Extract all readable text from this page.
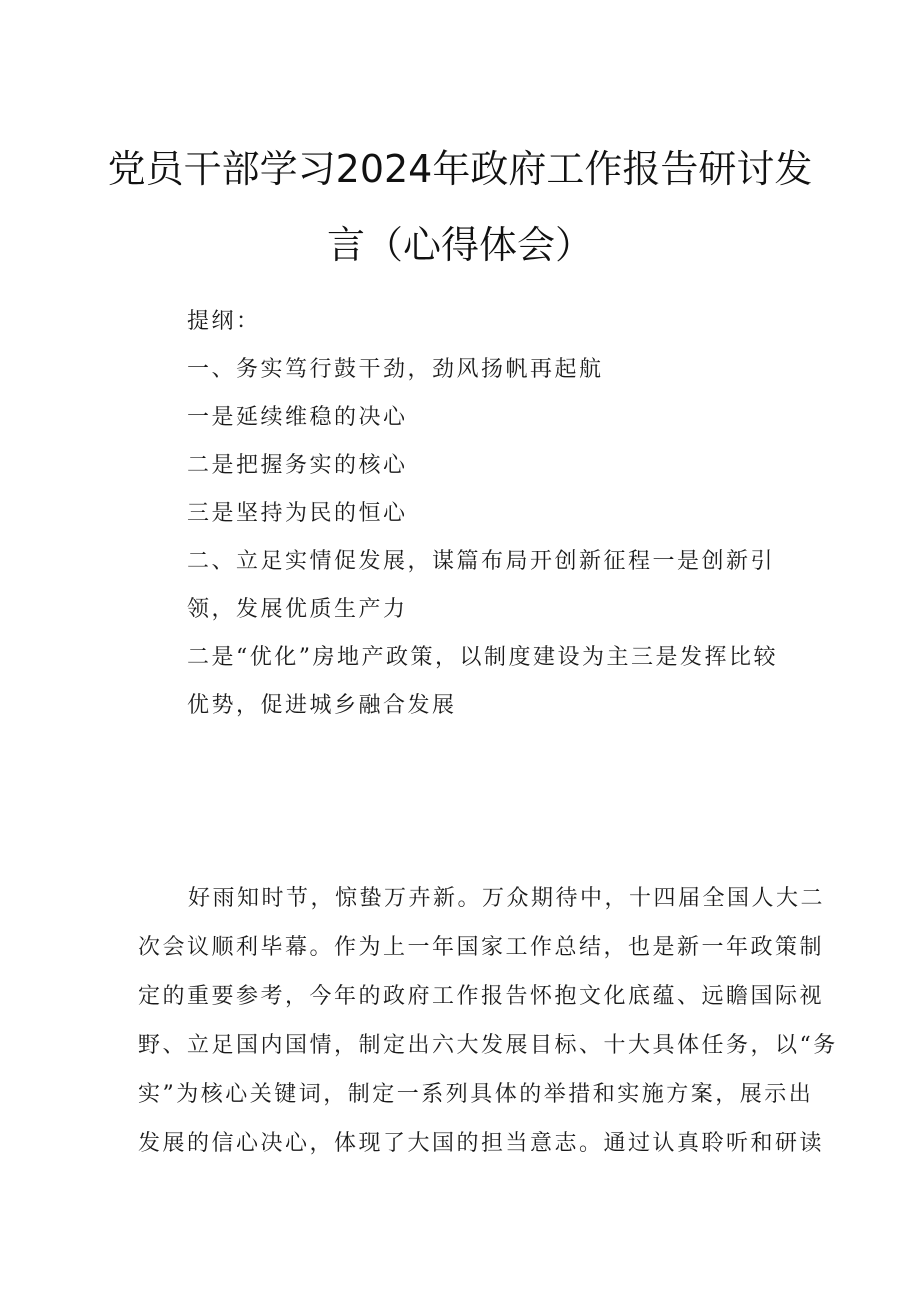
党员干部学习2024年政府工作报告研讨发
言（心得体会）
提纲：
一、务实笃行鼓干劲，劲风扬帆再起航
一是延续维稳的决心
二是把握务实的核心
三是坚持为民的恒心
二、立足实情促发展，谋篇布局开创新征程一是创新引
领，发展优质生产力
二是“优化”房地产政策，以制度建设为主三是发挥比较
优势，促进城乡融合发展
好雨知时节，惊蛰万卉新。万众期待中，十四届全国人大二
次会议顺利毕幕。作为上一年国家工作总结，也是新一年政策制
定的重要参考，今年的政府工作报告怀抱文化底蕴、远瞻国际视
野、立足国内国情，制定出六大发展目标、十大具体任务，以“务
实”为核心关键词，制定一系列具体的举措和实施方案，展示出
发展的信心决心，体现了大国的担当意志。通过认真聆听和研读
